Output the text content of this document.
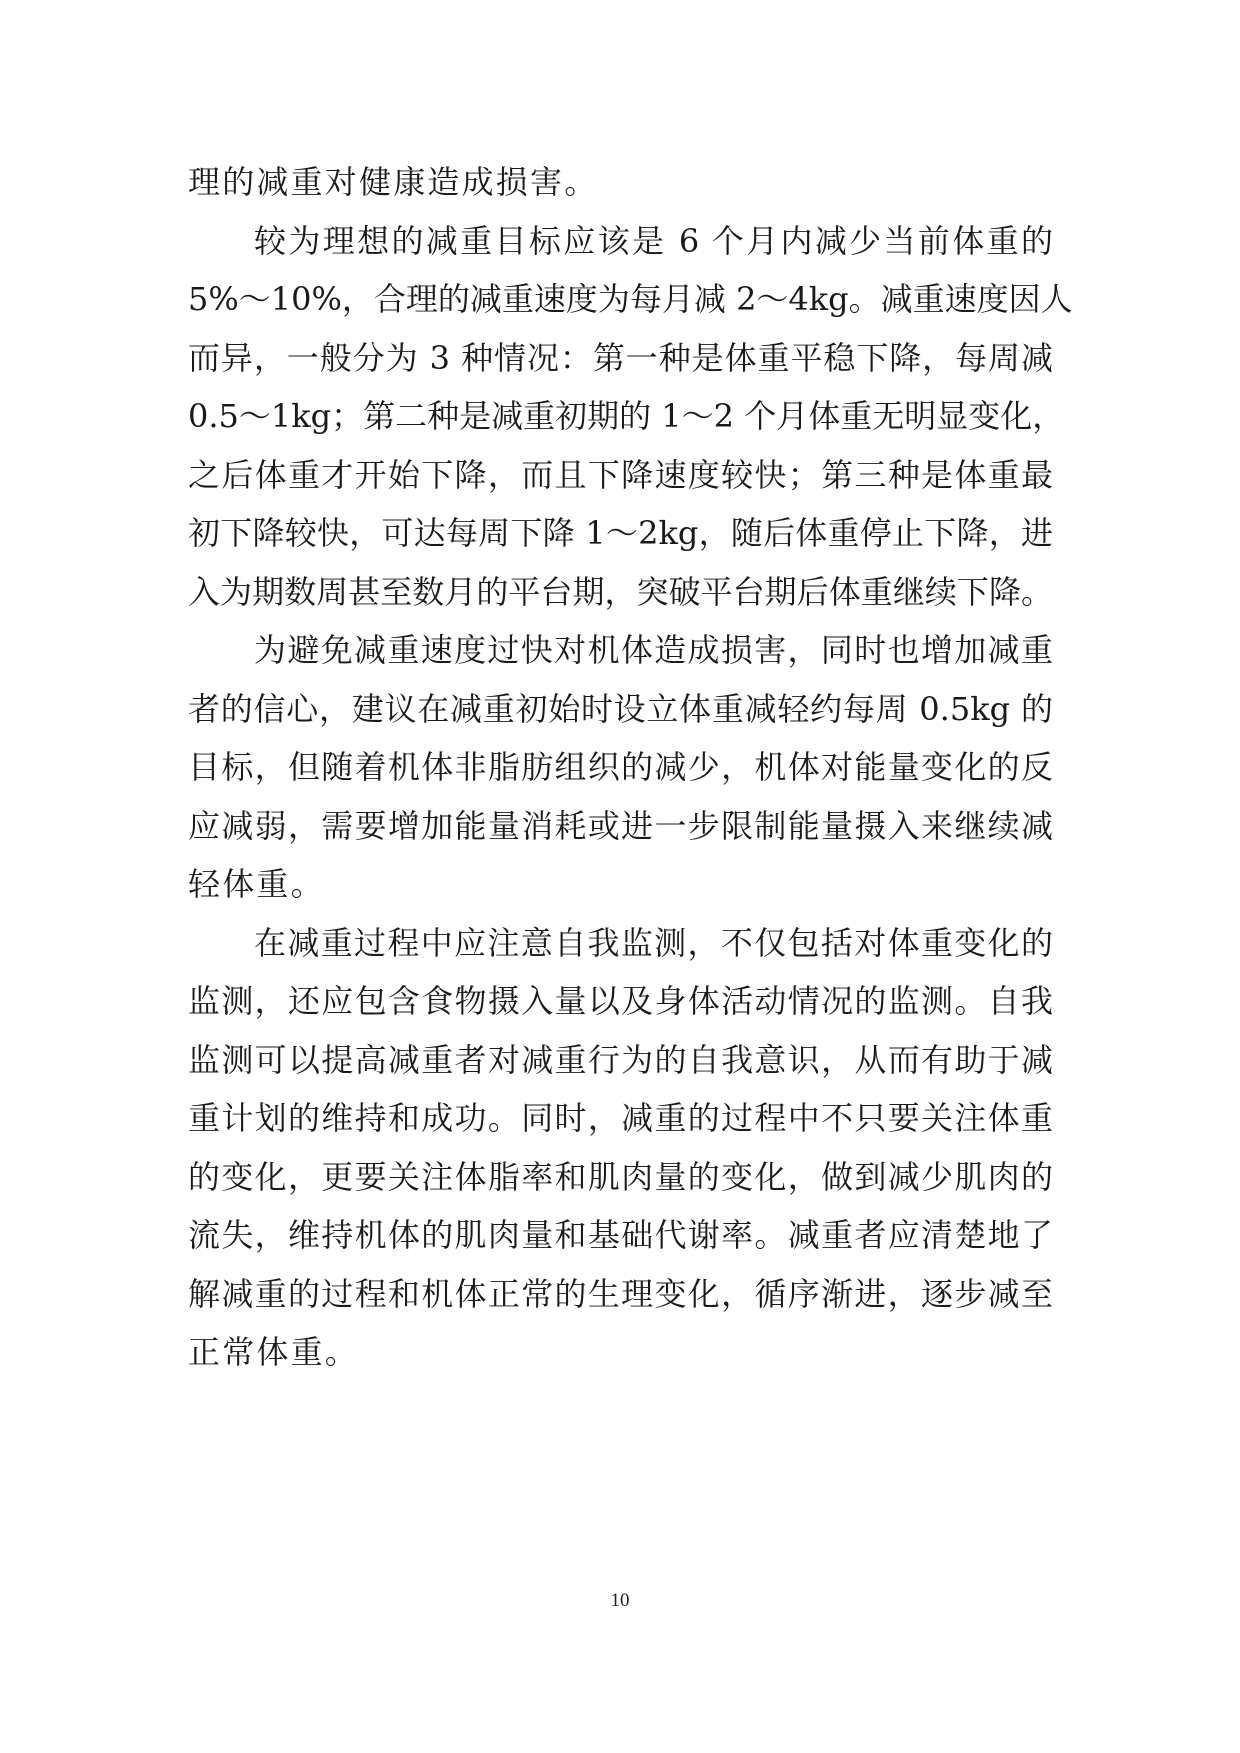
理的减重对健康造成损害。
较为理想的减重目标应该是 6 个月内减少当前体重的
5%～10%，合理的减重速度为每月减 2～4kg。减重速度因人
而异，一般分为 3 种情况：第一种是体重平稳下降，每周减
0.5～1kg；第二种是减重初期的 1～2 个月体重无明显变化，
之后体重才开始下降，而且下降速度较快；第三种是体重最
初下降较快，可达每周下降 1～2kg，随后体重停止下降，进
入为期数周甚至数月的平台期，突破平台期后体重继续下降。
为避免减重速度过快对机体造成损害，同时也增加减重
者的信心，建议在减重初始时设立体重减轻约每周 0.5kg 的
目标，但随着机体非脂肪组织的减少，机体对能量变化的反
应减弱，需要增加能量消耗或进一步限制能量摄入来继续减
轻体重。
在减重过程中应注意自我监测，不仅包括对体重变化的
监测，还应包含食物摄入量以及身体活动情况的监测。自我
监测可以提高减重者对减重行为的自我意识，从而有助于减
重计划的维持和成功。同时，减重的过程中不只要关注体重
的变化，更要关注体脂率和肌肉量的变化，做到减少肌肉的
流失，维持机体的肌肉量和基础代谢率。减重者应清楚地了
解减重的过程和机体正常的生理变化，循序渐进，逐步减至
正常体重。
10
